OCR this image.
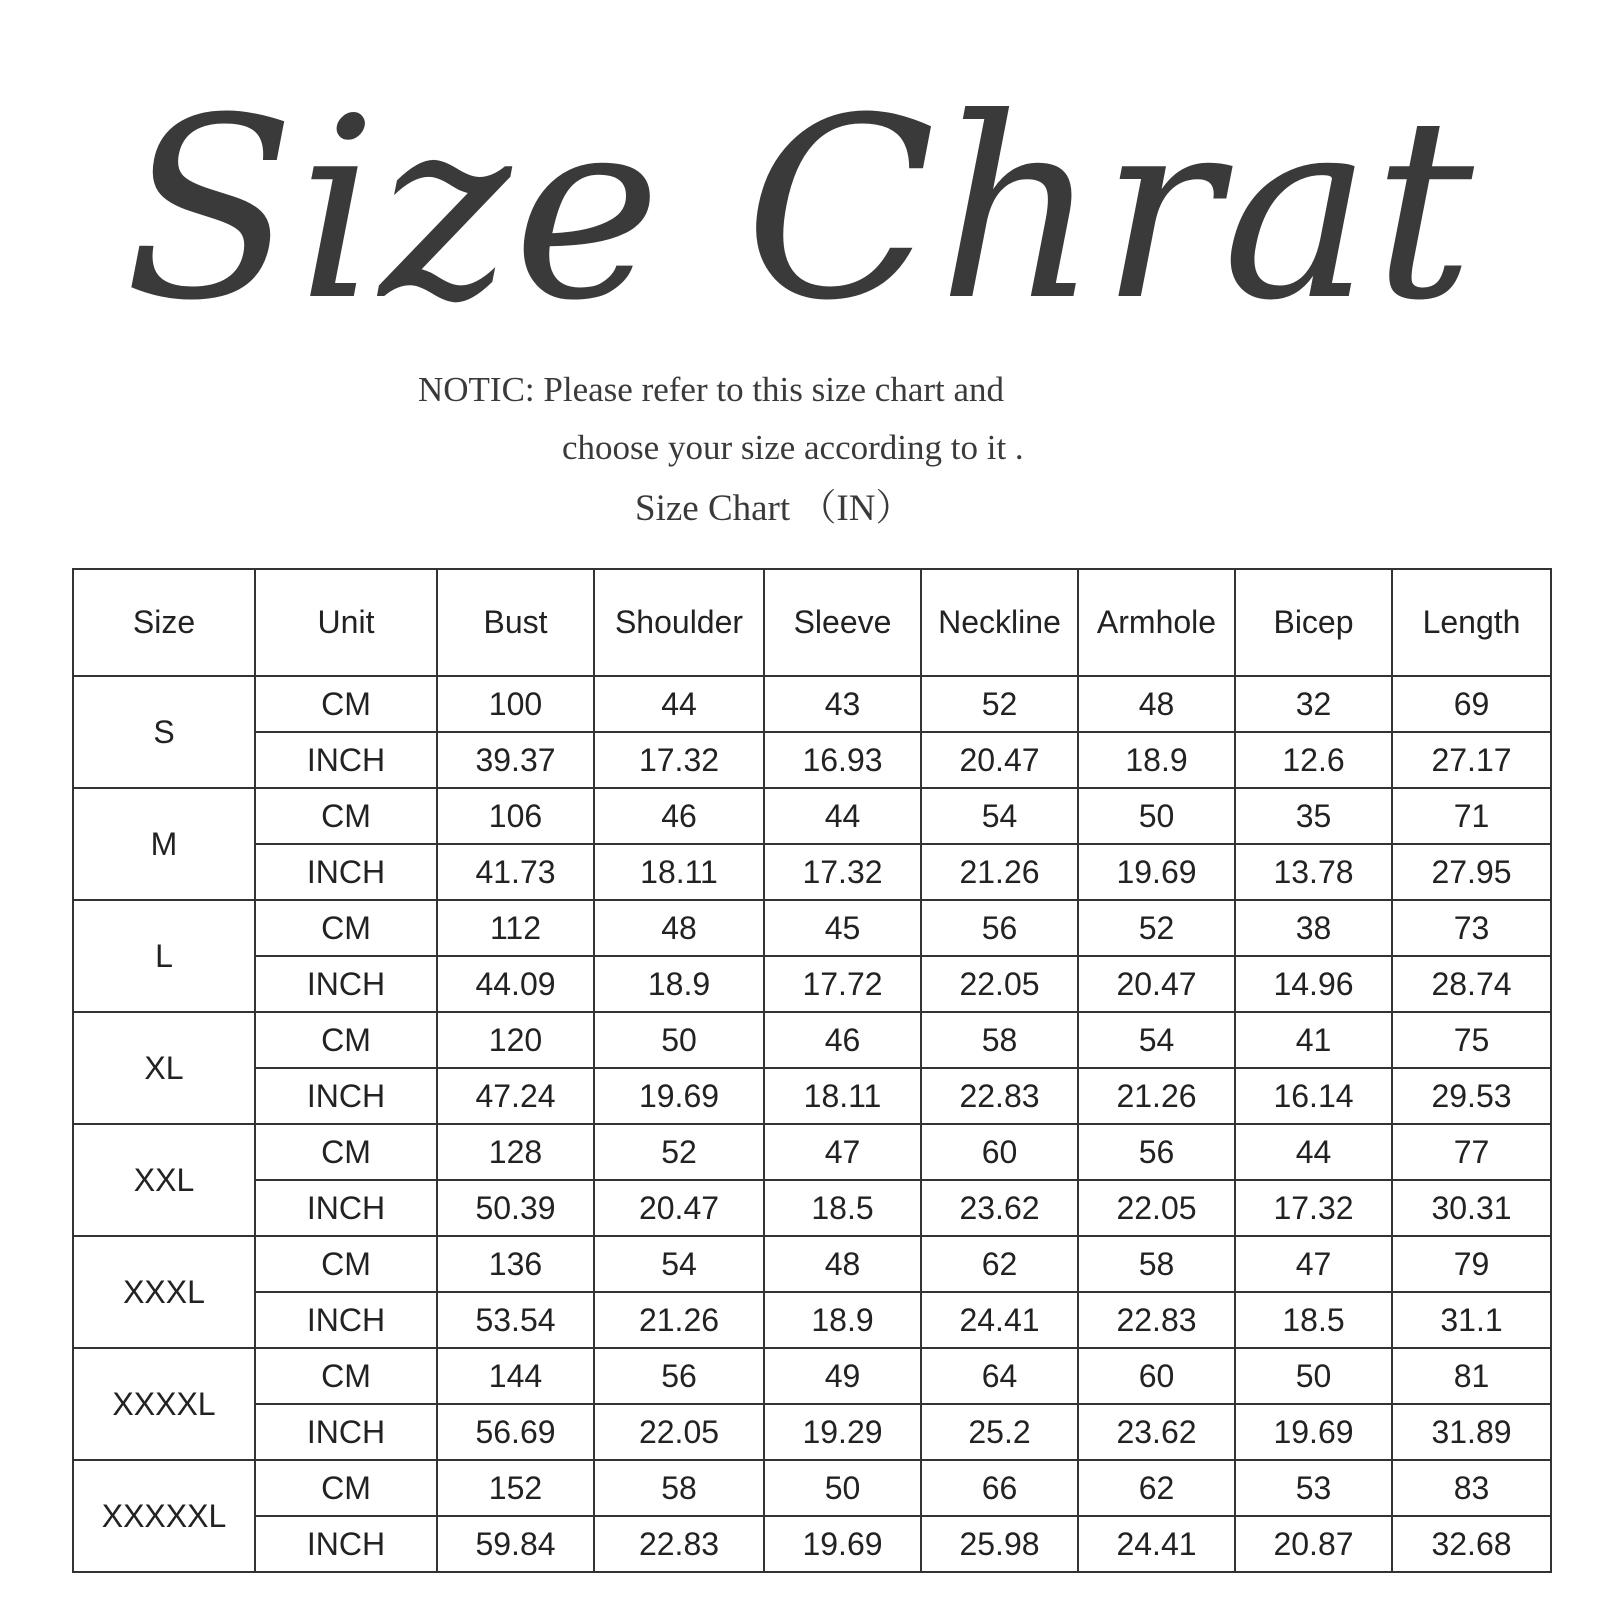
Size Chrat
NOTIC: Please refer to this size chart and
choose your size according to it .
Size Chart （IN）
Size	Unit	Bust	Shoulder	Sleeve	Neckline	Armhole	Bicep	Length
S	CM	100	44	43	52	48	32	69
	INCH	39.37	17.32	16.93	20.47	18.9	12.6	27.17
M	CM	106	46	44	54	50	35	71
	INCH	41.73	18.11	17.32	21.26	19.69	13.78	27.95
L	CM	112	48	45	56	52	38	73
	INCH	44.09	18.9	17.72	22.05	20.47	14.96	28.74
XL	CM	120	50	46	58	54	41	75
	INCH	47.24	19.69	18.11	22.83	21.26	16.14	29.53
XXL	CM	128	52	47	60	56	44	77
	INCH	50.39	20.47	18.5	23.62	22.05	17.32	30.31
XXXL	CM	136	54	48	62	58	47	79
	INCH	53.54	21.26	18.9	24.41	22.83	18.5	31.1
XXXXL	CM	144	56	49	64	60	50	81
	INCH	56.69	22.05	19.29	25.2	23.62	19.69	31.89
XXXXXL	CM	152	58	50	66	62	53	83
	INCH	59.84	22.83	19.69	25.98	24.41	20.87	32.68
